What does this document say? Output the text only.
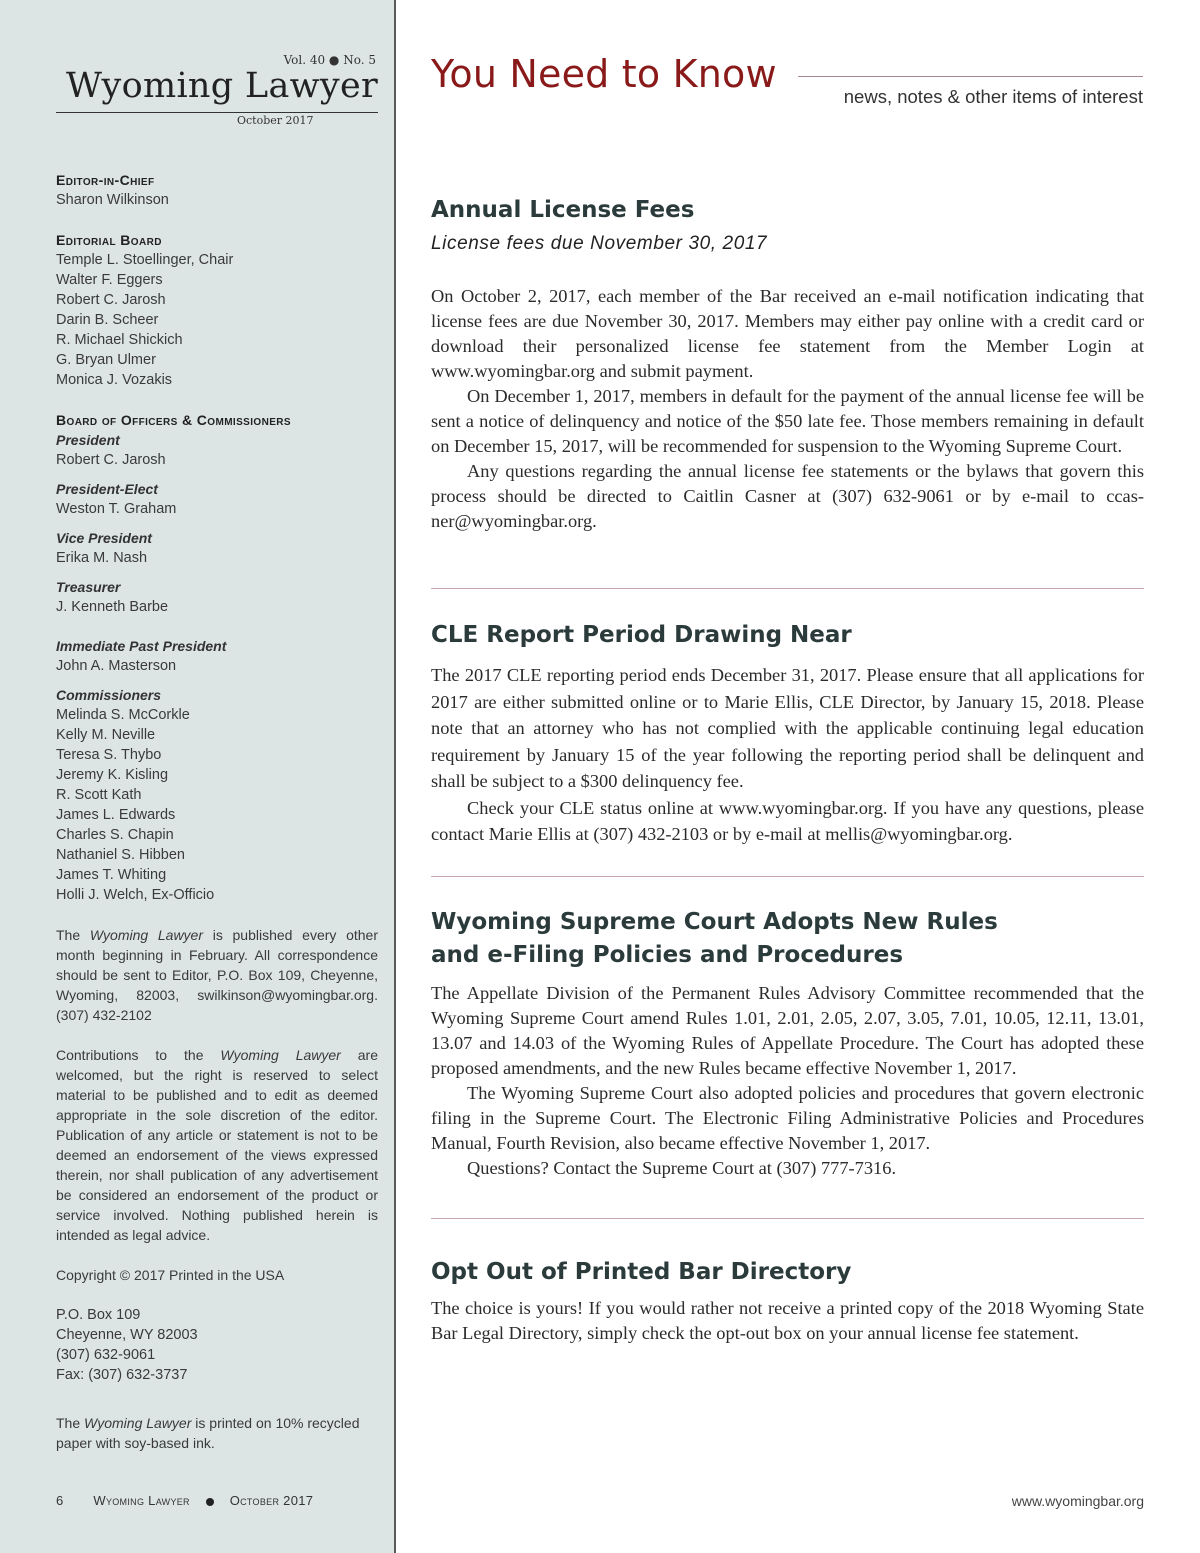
Vol. 40 ● No. 5
Wyoming Lawyer
October 2017
Editor-in-Chief
Sharon Wilkinson
Editorial Board
Temple L. Stoellinger, Chair
Walter F. Eggers
Robert C. Jarosh
Darin B. Scheer
R. Michael Shickich
G. Bryan Ulmer
Monica J. Vozakis
Board of Officers & Commissioners
President
Robert C. Jarosh
President-Elect
Weston T. Graham
Vice President
Erika M. Nash
Treasurer
J. Kenneth Barbe
Immediate Past President
John A. Masterson
Commissioners
Melinda S. McCorkle
Kelly M. Neville
Teresa S. Thybo
Jeremy K. Kisling
R. Scott Kath
James L. Edwards
Charles S. Chapin
Nathaniel S. Hibben
James T. Whiting
Holli J. Welch, Ex-Officio
The Wyoming Lawyer is published every other month beginning in February. All correspondence should be sent to Editor, P.O. Box 109, Cheyenne, Wyoming, 82003, swilkinson@wyomingbar.org. (307) 432-2102
Contributions to the Wyoming Lawyer are welcomed, but the right is reserved to select material to be published and to edit as deemed appropriate in the sole discretion of the editor. Publication of any article or statement is not to be deemed an endorsement of the views expressed therein, nor shall publication of any advertisement be considered an endorsement of the product or service involved. Nothing published herein is intended as legal advice.
Copyright © 2017 Printed in the USA
P.O. Box 109
Cheyenne, WY 82003
(307) 632-9061
Fax: (307) 632-3737
The Wyoming Lawyer is printed on 10% recycled paper with soy-based ink.
6 Wyoming Lawyer	October 2017
You Need to Know
news, notes & other items of interest
Annual License Fees
License fees due November 30, 2017

On October 2, 2017, each member of the Bar received an e-mail notification indicating that license fees are due November 30, 2017. Members may either pay online with a credit card or download their personalized license fee statement from the Member Login at www.wyomingbar.org and submit payment.

On December 1, 2017, members in default for the payment of the annual license fee will be sent a notice of delinquency and notice of the $50 late fee. Those members remaining in default on December 15, 2017, will be recommended for suspension to the Wyoming Supreme Court.

Any questions regarding the annual license fee statements or the bylaws that govern this process should be directed to Caitlin Casner at (307) 632-9061 or by e-mail to ccasner@wyomingbar.org.

CLE Report Period Drawing Near

The 2017 CLE reporting period ends December 31, 2017. Please ensure that all applications for 2017 are either submitted online or to Marie Ellis, CLE Director, by January 15, 2018. Please note that an attorney who has not complied with the applicable continuing legal education requirement by January 15 of the year following the reporting period shall be delinquent and shall be subject to a $300 delinquency fee.

Check your CLE status online at www.wyomingbar.org. If you have any questions, please contact Marie Ellis at (307) 432-2103 or by e-mail at mellis@wyomingbar.org.

Wyoming Supreme Court Adopts New Rules
and e-Filing Policies and Procedures

The Appellate Division of the Permanent Rules Advisory Committee recommended that the Wyoming Supreme Court amend Rules 1.01, 2.01, 2.05, 2.07, 3.05, 7.01, 10.05, 12.11, 13.01, 13.07 and 14.03 of the Wyoming Rules of Appellate Procedure. The Court has adopted these proposed amendments, and the new Rules became effective November 1, 2017.

The Wyoming Supreme Court also adopted policies and procedures that govern electronic filing in the Supreme Court. The Electronic Filing Administrative Policies and Procedures Manual, Fourth Revision, also became effective November 1, 2017.

Questions? Contact the Supreme Court at (307) 777-7316.

Opt Out of Printed Bar Directory

The choice is yours! If you would rather not receive a printed copy of the 2018 Wyoming State Bar Legal Directory, simply check the opt-out box on your annual license fee statement.

www.wyomingbar.org
